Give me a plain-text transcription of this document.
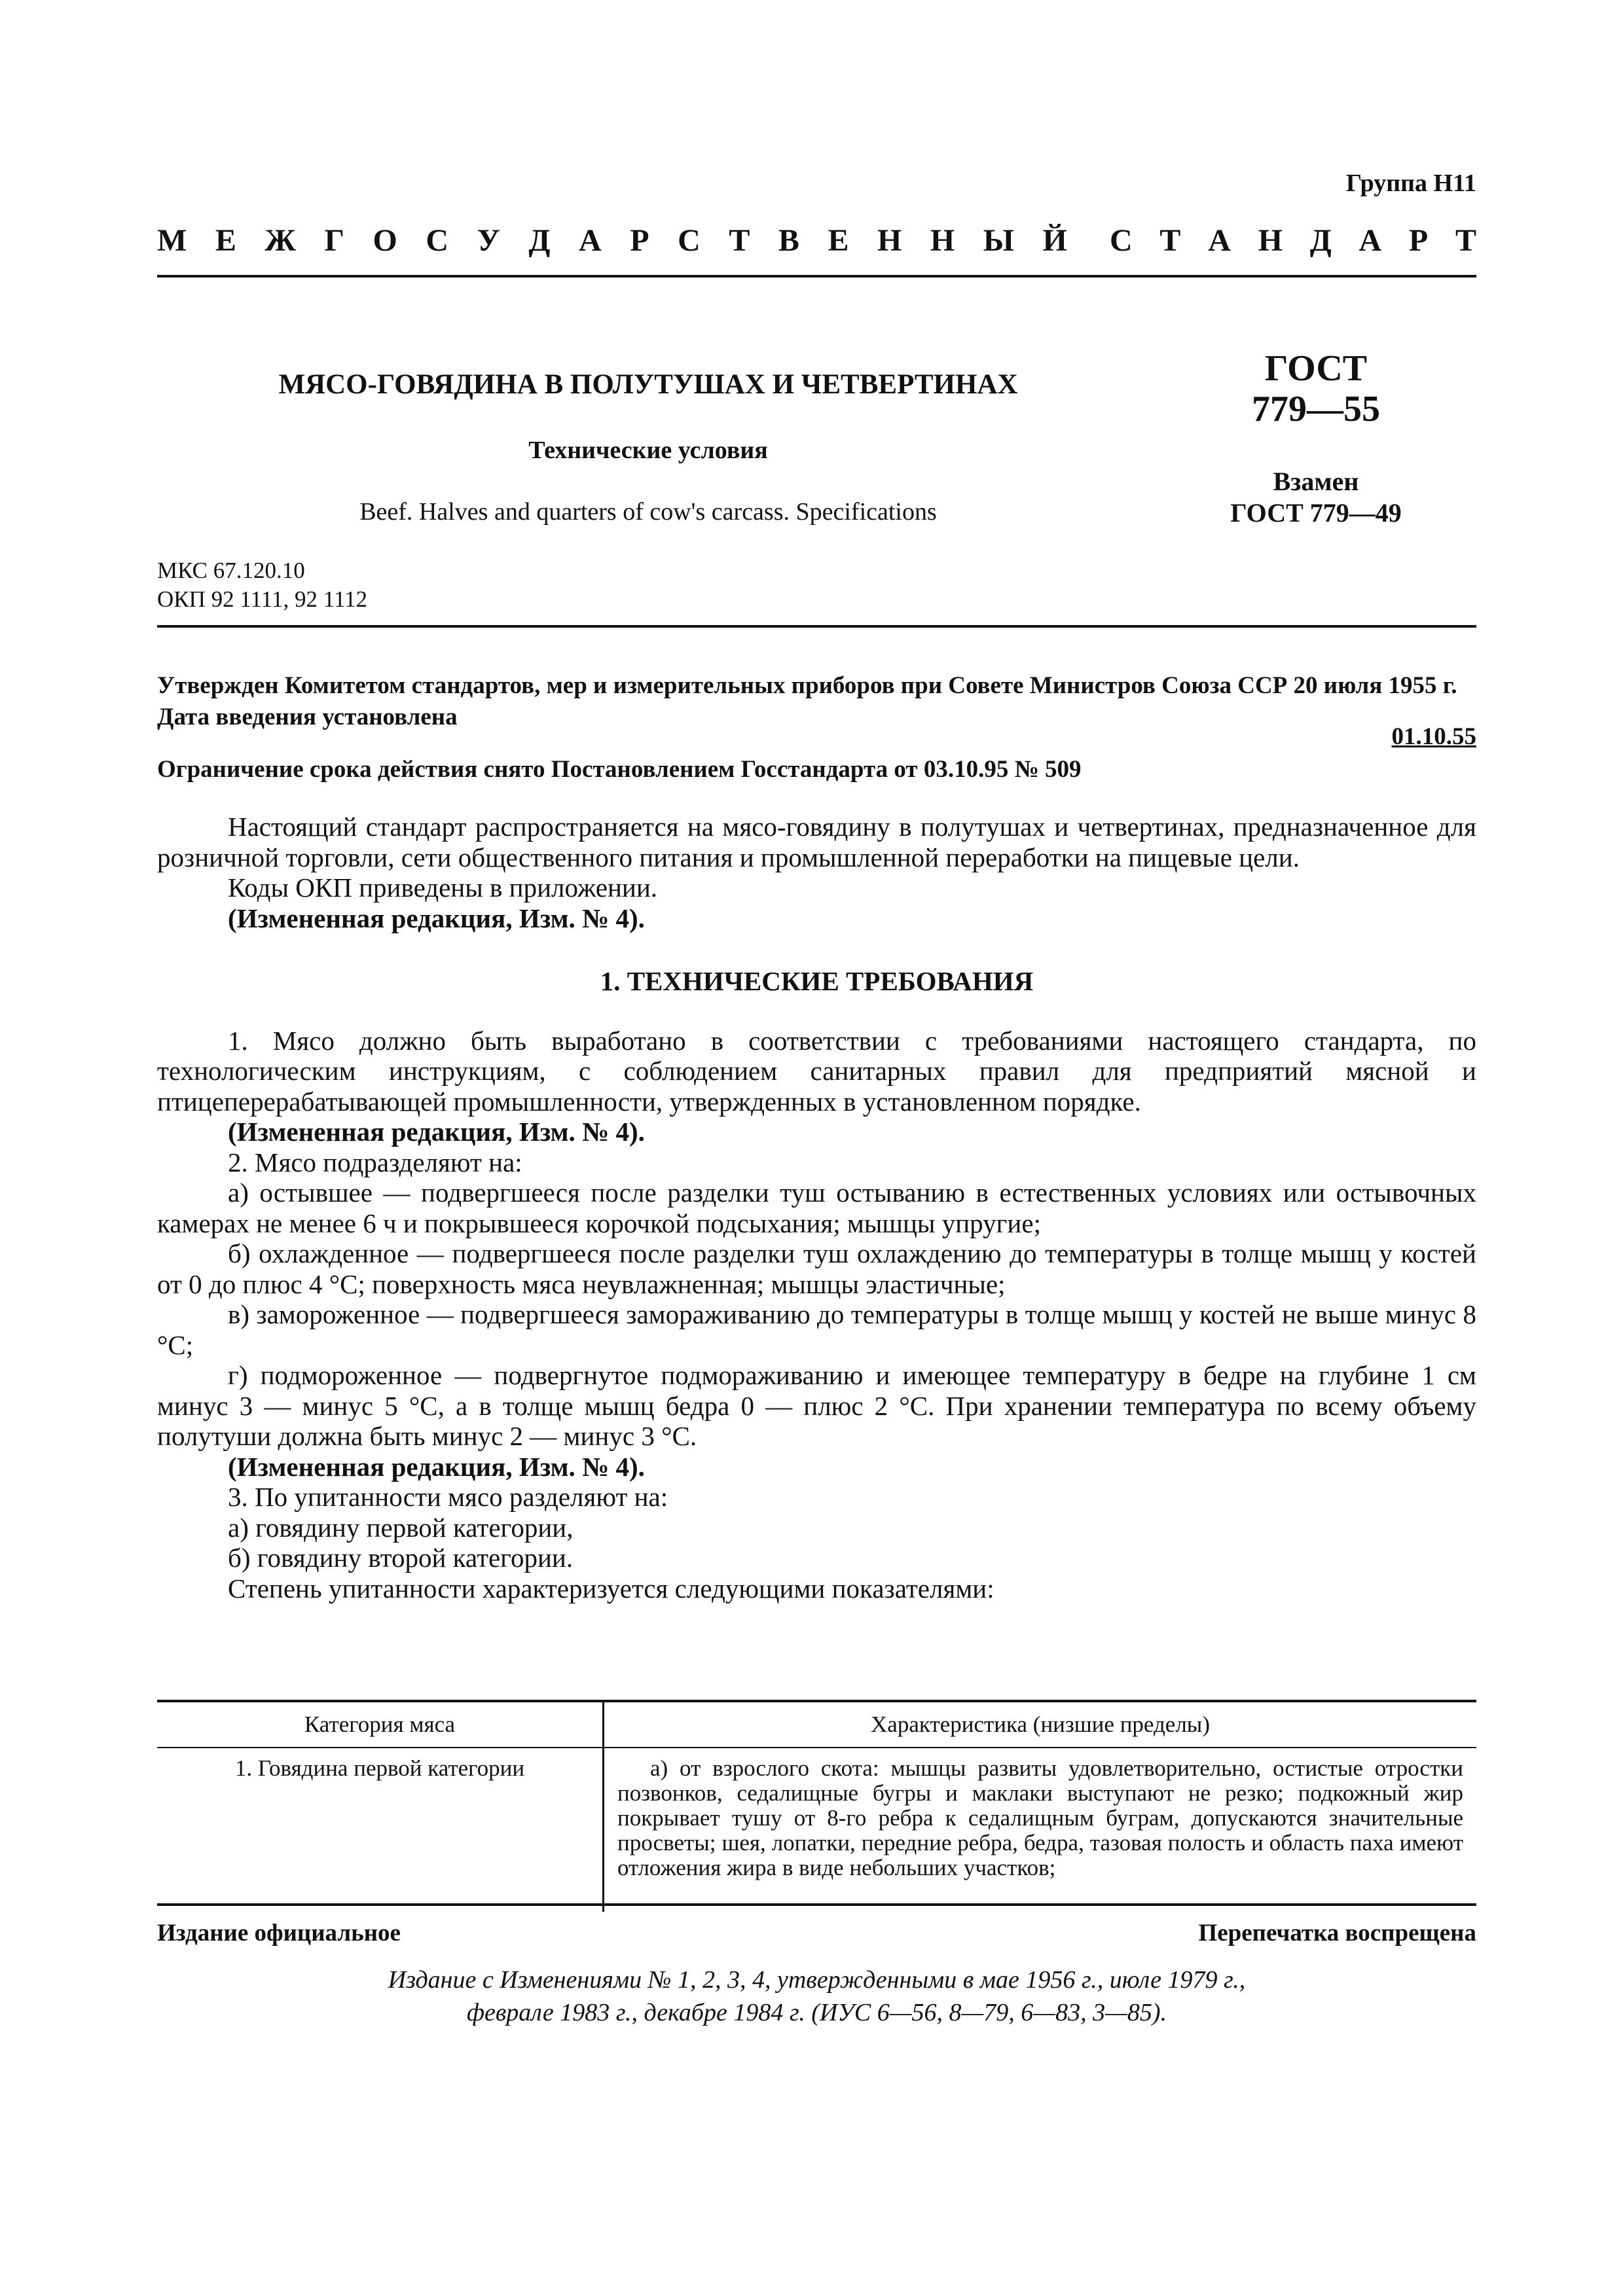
Группа Н11
М Е Ж Г О С У Д А Р С Т В Е Н Н Ы Й С Т А Н Д А Р Т
МЯСО-ГОВЯДИНА В ПОЛУТУШАХ И ЧЕТВЕРТИНАХ
Технические условия
Beef. Halves and quarters of cow's carcass. Specifications
ГОСТ
779—55
Взамен
ГОСТ 779—49
МКС 67.120.10
ОКП 92 1111, 92 1112
Утвержден Комитетом стандартов, мер и измерительных приборов при Совете Министров Союза ССР 20 июля 1955 г. Дата введения установлена
01.10.55
Ограничение срока действия снято Постановлением Госстандарта от 03.10.95 № 509

Настоящий стандарт распространяется на мясо-говядину в полутушах и четвертинах, предназначенное для розничной торговли, сети общественного питания и промышленной переработки на пищевые цели.

Коды ОКП приведены в приложении.

(Измененная редакция, Изм. № 4).

1. ТЕХНИЧЕСКИЕ ТРЕБОВАНИЯ

1. Мясо должно быть выработано в соответствии с требованиями настоящего стандарта, по технологическим инструкциям, с соблюдением санитарных правил для предприятий мясной и птицеперерабатывающей промышленности, утвержденных в установленном порядке.

(Измененная редакция, Изм. № 4).

2. Мясо подразделяют на:

а) остывшее — подвергшееся после разделки туш остыванию в естественных условиях или остывочных камерах не менее 6 ч и покрывшееся корочкой подсыхания; мышцы упругие;

б) охлажденное — подвергшееся после разделки туш охлаждению до температуры в толще мышц у костей от 0 до плюс 4 °С; поверхность мяса неувлажненная; мышцы эластичные;

в) замороженное — подвергшееся замораживанию до температуры в толще мышц у костей не выше минус 8 °С;

г) подмороженное — подвергнутое подмораживанию и имеющее температуру в бедре на глубине 1 см минус 3 — минус 5 °С, а в толще мышц бедра 0 — плюс 2 °С. При хранении температура по всему объему полутуши должна быть минус 2 — минус 3 °С.

(Измененная редакция, Изм. № 4).

3. По упитанности мясо разделяют на:

а) говядину первой категории,

б) говядину второй категории.

Степень упитанности характеризуется следующими показателями:

Категория мяса	Характеристика (низшие пределы)
1. Говядина первой категории	а) от взрослого скота: мышцы развиты удовлетворительно, остистые отростки позвонков, седалищные бугры и маклаки выступают не резко; подкожный жир покрывает тушу от 8-го ребра к седалищным буграм, допускаются значительные просветы; шея, лопатки, передние ребра, бедра, тазовая полость и область паха имеют отложения жира в виде небольших участков;
Издание официальное	Перепечатка воспрещена
Издание с Изменениями № 1, 2, 3, 4, утвержденными в мае 1956 г., июле 1979 г.,
феврале 1983 г., декабре 1984 г. (ИУС 6—56, 8—79, 6—83, 3—85).
